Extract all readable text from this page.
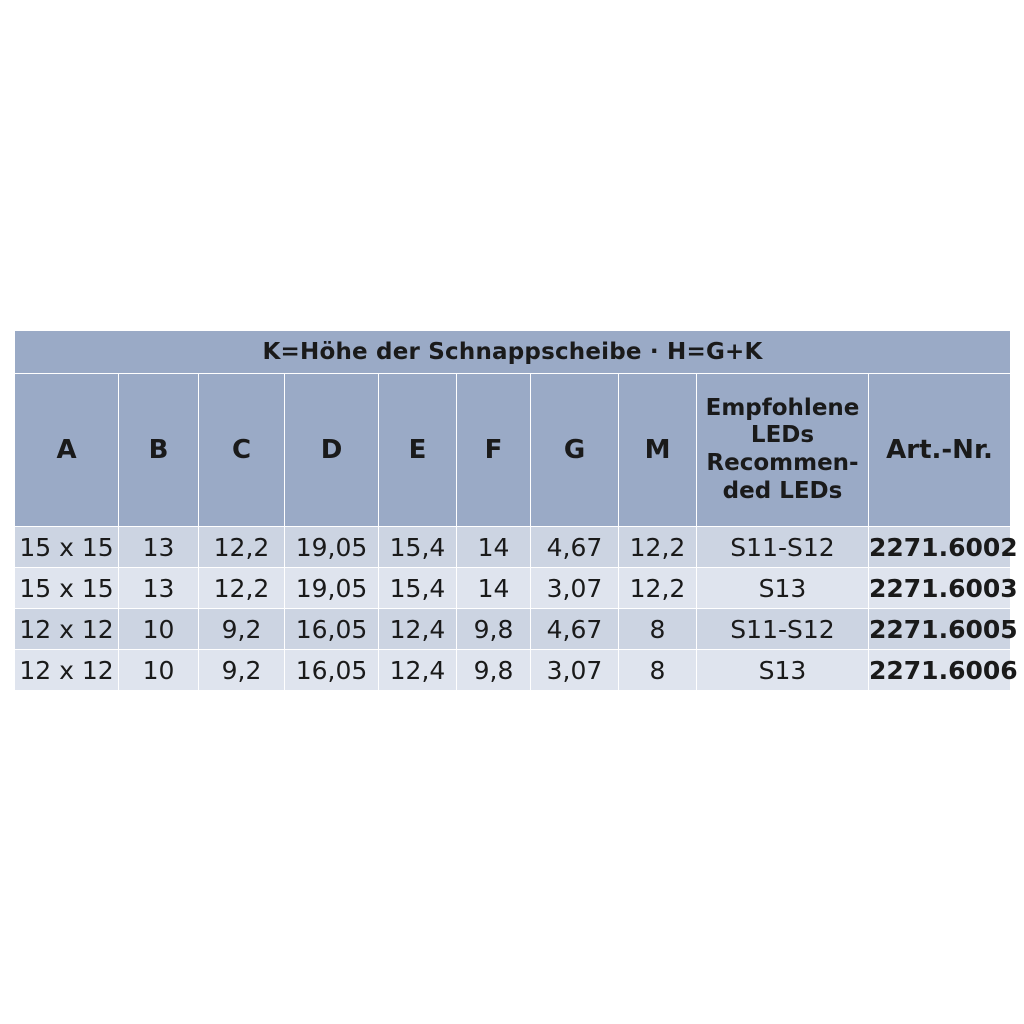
K=Höhe der Schnappscheibe · H=G+K									
A	B	C	D	E	F	G	M	Empfohlene
LEDs
Recommen-
ded LEDs	Art.-Nr.
15 x 15	13	12,2	19,05	15,4	14	4,67	12,2	S11-S12	2271.6002
15 x 15	13	12,2	19,05	15,4	14	3,07	12,2	S13	2271.6003
12 x 12	10	9,2	16,05	12,4	9,8	4,67	8	S11-S12	2271.6005
12 x 12	10	9,2	16,05	12,4	9,8	3,07	8	S13	2271.6006
